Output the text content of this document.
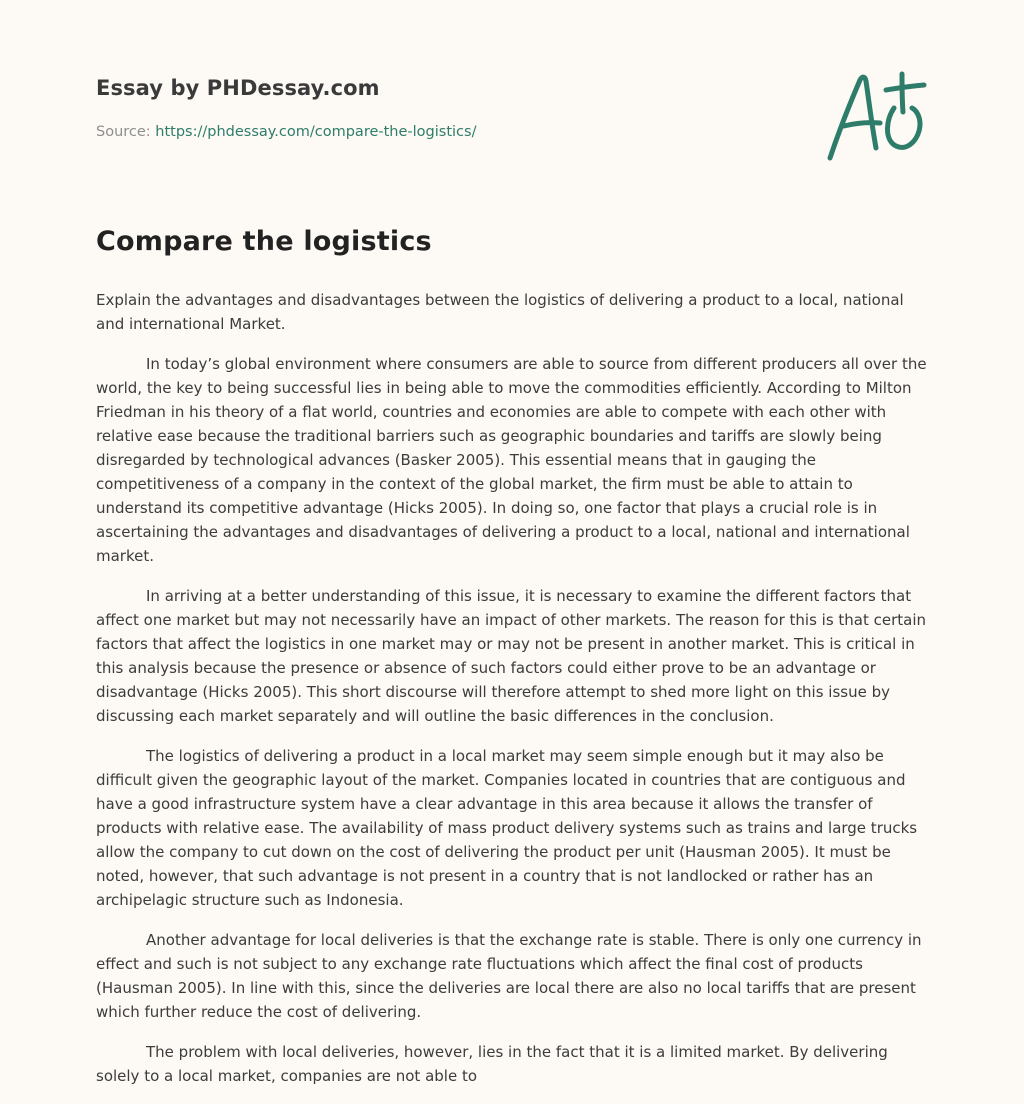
Essay by PHDessay.com
Source: https://phdessay.com/compare-the-logistics/
Compare the logistics

Explain the advantages and disadvantages between the logistics of delivering a product to a local, national and international Market.

In today’s global environment where consumers are able to source from different producers all over the world, the key to being successful lies in being able to move the commodities efficiently. According to Milton Friedman in his theory of a flat world, countries and economies are able to compete with each other with relative ease because the traditional barriers such as geographic boundaries and tariffs are slowly being disregarded by technological advances (Basker 2005). This essential means that in gauging the competitiveness of a company in the context of the global market, the firm must be able to attain to understand its competitive advantage (Hicks 2005). In doing so, one factor that plays a crucial role is in ascertaining the advantages and disadvantages of delivering a product to a local, national and international market.

In arriving at a better understanding of this issue, it is necessary to examine the different factors that affect one market but may not necessarily have an impact of other markets. The reason for this is that certain factors that affect the logistics in one market may or may not be present in another market. This is critical in this analysis because the presence or absence of such factors could either prove to be an advantage or disadvantage (Hicks 2005). This short discourse will therefore attempt to shed more light on this issue by discussing each market separately and will outline the basic differences in the conclusion.

The logistics of delivering a product in a local market may seem simple enough but it may also be difficult given the geographic layout of the market. Companies located in countries that are contiguous and have a good infrastructure system have a clear advantage in this area because it allows the transfer of products with relative ease. The availability of mass product delivery systems such as trains and large trucks allow the company to cut down on the cost of delivering the product per unit (Hausman 2005). It must be noted, however, that such advantage is not present in a country that is not landlocked or rather has an archipelagic structure such as Indonesia.

Another advantage for local deliveries is that the exchange rate is stable. There is only one currency in effect and such is not subject to any exchange rate fluctuations which affect the final cost of products (Hausman 2005). In line with this, since the deliveries are local there are also no local tariffs that are present which further reduce the cost of delivering.

The problem with local deliveries, however, lies in the fact that it is a limited market. By delivering solely to a local market, companies are not able to
